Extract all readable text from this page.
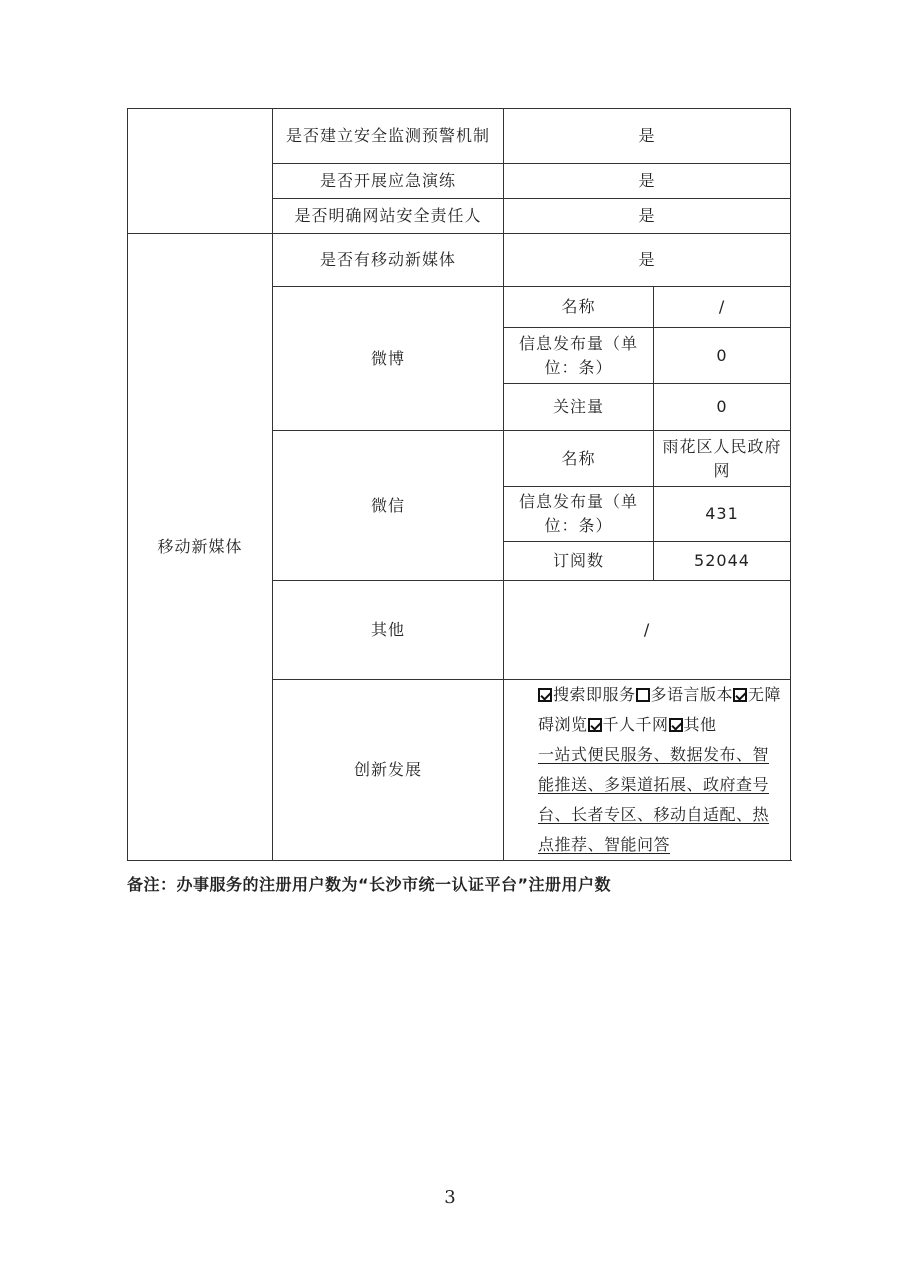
	是否建立安全监测预警机制	是	
	是否开展应急演练	是	
	是否明确网站安全责任人	是	
移动新媒体	是否有移动新媒体	是	
	微博	名称	/
		信息发布量（单位：条）	0
		关注量	0
	微信	名称	雨花区人民政府网
		信息发布量（单位：条）	431
		订阅数	52044
	其他	/	
	创新发展	搜索即服务 多语言版本 无障碍浏览 千人千网 其他
一站式便民服务、数据发布、智能推送、多渠道拓展、政府查号台、长者专区、移动自适配、热点推荐、智能问答	
备注：办事服务的注册用户数为“长沙市统一认证平台”注册用户数
3
